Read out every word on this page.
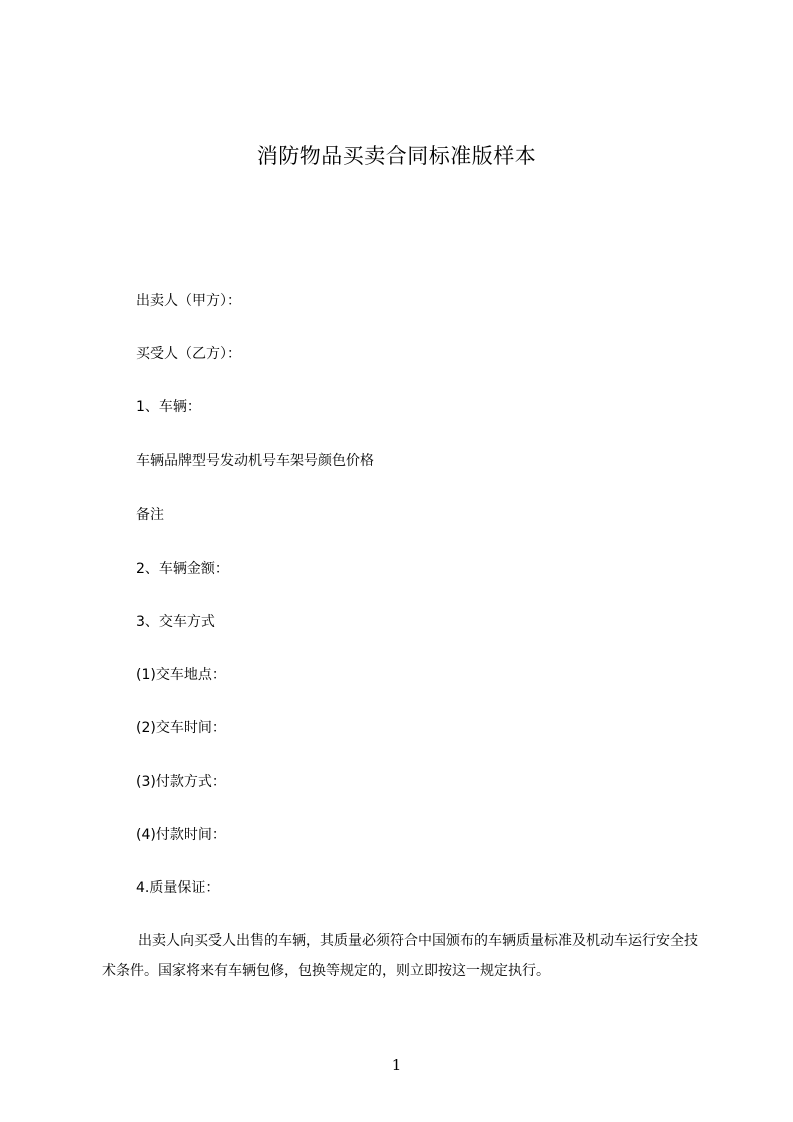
消防物品买卖合同标准版样本
出卖人（甲方）：
买受人（乙方）：
1、车辆：
车辆品牌型号发动机号车架号颜色价格
备注
2、车辆金额：
3、交车方式
(1)交车地点：
(2)交车时间：
(3)付款方式：
(4)付款时间：
4.质量保证：
出卖人向买受人出售的车辆，其质量必须符合中国颁布的车辆质量标准及机动车运行安全技术条件。国家将来有车辆包修，包换等规定的，则立即按这一规定执行。
1
